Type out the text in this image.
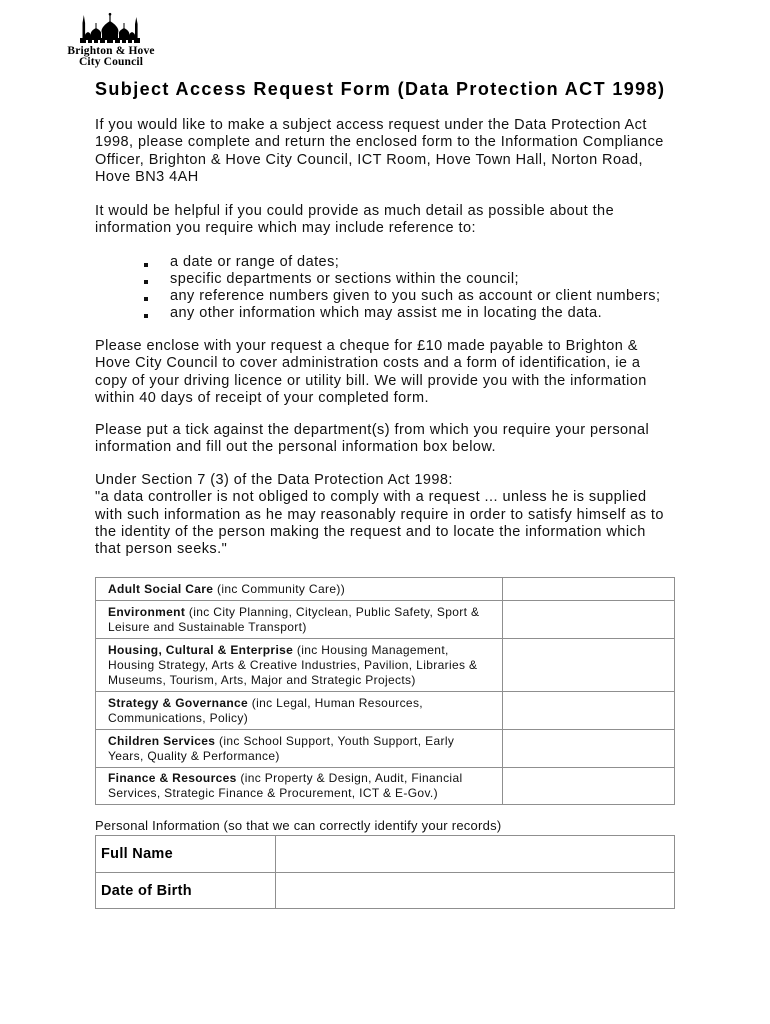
Brighton & Hove
City Council
Subject Access Request Form (Data Protection ACT 1998)
If you would like to make a subject access request under the Data Protection Act
1998, please complete and return the enclosed form to the Information Compliance
Officer, Brighton & Hove City Council, ICT Room, Hove Town Hall, Norton Road,
Hove BN3 4AH
It would be helpful if you could provide as much detail as possible about the
information you require which may include reference to:
a date or range of dates;
specific departments or sections within the council;
any reference numbers given to you such as account or client numbers;
any other information which may assist me in locating the data.
Please enclose with your request a cheque for £10 made payable to Brighton &
Hove City Council to cover administration costs and a form of identification, ie a
copy of your driving licence or utility bill. We will provide you with the information
within 40 days of receipt of your completed form.
Please put a tick against the department(s) from which you require your personal
information and fill out the personal information box below.
Under Section 7 (3) of the Data Protection Act 1998:
"a data controller is not obliged to comply with a request ... unless he is supplied
with such information as he may reasonably require in order to satisfy himself as to
the identity of the person making the request and to locate the information which
that person seeks."
Adult Social Care (inc Community Care))
Environment (inc City Planning, Cityclean, Public Safety, Sport &
Leisure and Sustainable Transport)
Housing, Cultural & Enterprise (inc Housing Management,
Housing Strategy, Arts & Creative Industries, Pavilion, Libraries &
Museums, Tourism, Arts, Major and Strategic Projects)
Strategy & Governance (inc Legal, Human Resources,
Communications, Policy)
Children Services (inc School Support, Youth Support, Early
Years, Quality & Performance)
Finance & Resources (inc Property & Design, Audit, Financial
Services, Strategic Finance & Procurement, ICT & E-Gov.)
Personal Information (so that we can correctly identify your records)
Full Name
Date of Birth
